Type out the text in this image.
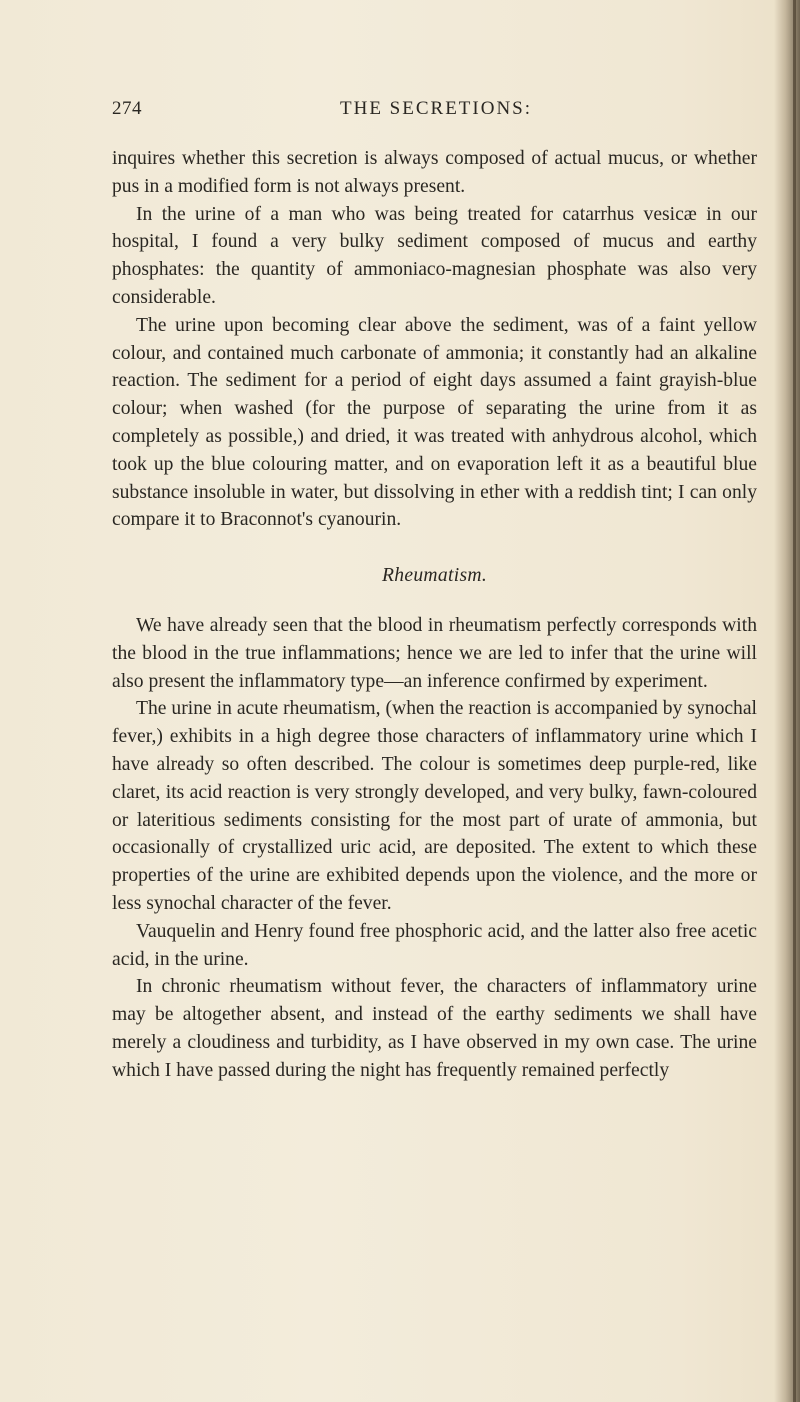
274	THE SECRETIONS:

inquires whether this secretion is always composed of actual mucus, or whether pus in a modified form is not always present.

In the urine of a man who was being treated for catarrhus vesicæ in our hospital, I found a very bulky sediment composed of mucus and earthy phosphates: the quantity of ammoniaco-magnesian phosphate was also very considerable.

The urine upon becoming clear above the sediment, was of a faint yellow colour, and contained much carbonate of ammonia; it constantly had an alkaline reaction. The sediment for a period of eight days assumed a faint grayish-blue colour; when washed (for the purpose of separating the urine from it as completely as possible,) and dried, it was treated with anhydrous alcohol, which took up the blue colouring matter, and on evaporation left it as a beautiful blue substance insoluble in water, but dissolving in ether with a reddish tint; I can only compare it to Braconnot's cyanourin.

Rheumatism.

We have already seen that the blood in rheumatism perfectly corresponds with the blood in the true inflammations; hence we are led to infer that the urine will also present the inflammatory type—an inference confirmed by experiment.

The urine in acute rheumatism, (when the reaction is accompanied by synochal fever,) exhibits in a high degree those characters of inflammatory urine which I have already so often described. The colour is sometimes deep purple-red, like claret, its acid reaction is very strongly developed, and very bulky, fawn-coloured or lateritious sediments consisting for the most part of urate of ammonia, but occasionally of crystallized uric acid, are deposited. The extent to which these properties of the urine are exhibited depends upon the violence, and the more or less synochal character of the fever.

Vauquelin and Henry found free phosphoric acid, and the latter also free acetic acid, in the urine.

In chronic rheumatism without fever, the characters of inflammatory urine may be altogether absent, and instead of the earthy sediments we shall have merely a cloudiness and turbidity, as I have observed in my own case. The urine which I have passed during the night has frequently remained perfectly
